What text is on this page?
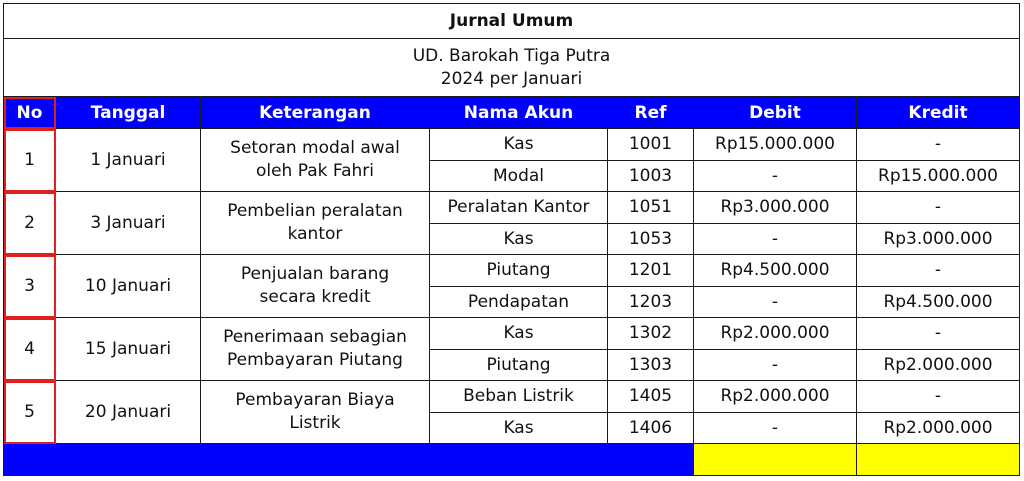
Jurnal Umum						

UD. Barokah Tiga Putra
2024 per Januari						

No	Tanggal	Keterangan	Nama Akun	Ref	Debit	Kredit
1	1 Januari	Setoran modal awal
oleh Pak Fahri	Kas	1001	Rp15.000.000	-
			Modal	1003	-	Rp15.000.000
2	3 Januari	Pembelian peralatan
kantor	Peralatan Kantor	1051	Rp3.000.000	-
			Kas	1053	-	Rp3.000.000
3	10 Januari	Penjualan barang
secara kredit	Piutang	1201	Rp4.500.000	-
			Pendapatan	1203	-	Rp4.500.000
4	15 Januari	Penerimaan sebagian
Pembayaran Piutang	Kas	1302	Rp2.000.000	-
			Piutang	1303	-	Rp2.000.000
5	20 Januari	Pembayaran Biaya
Listrik	Beban Listrik	1405	Rp2.000.000	-
			Kas	1406	-	Rp2.000.000
